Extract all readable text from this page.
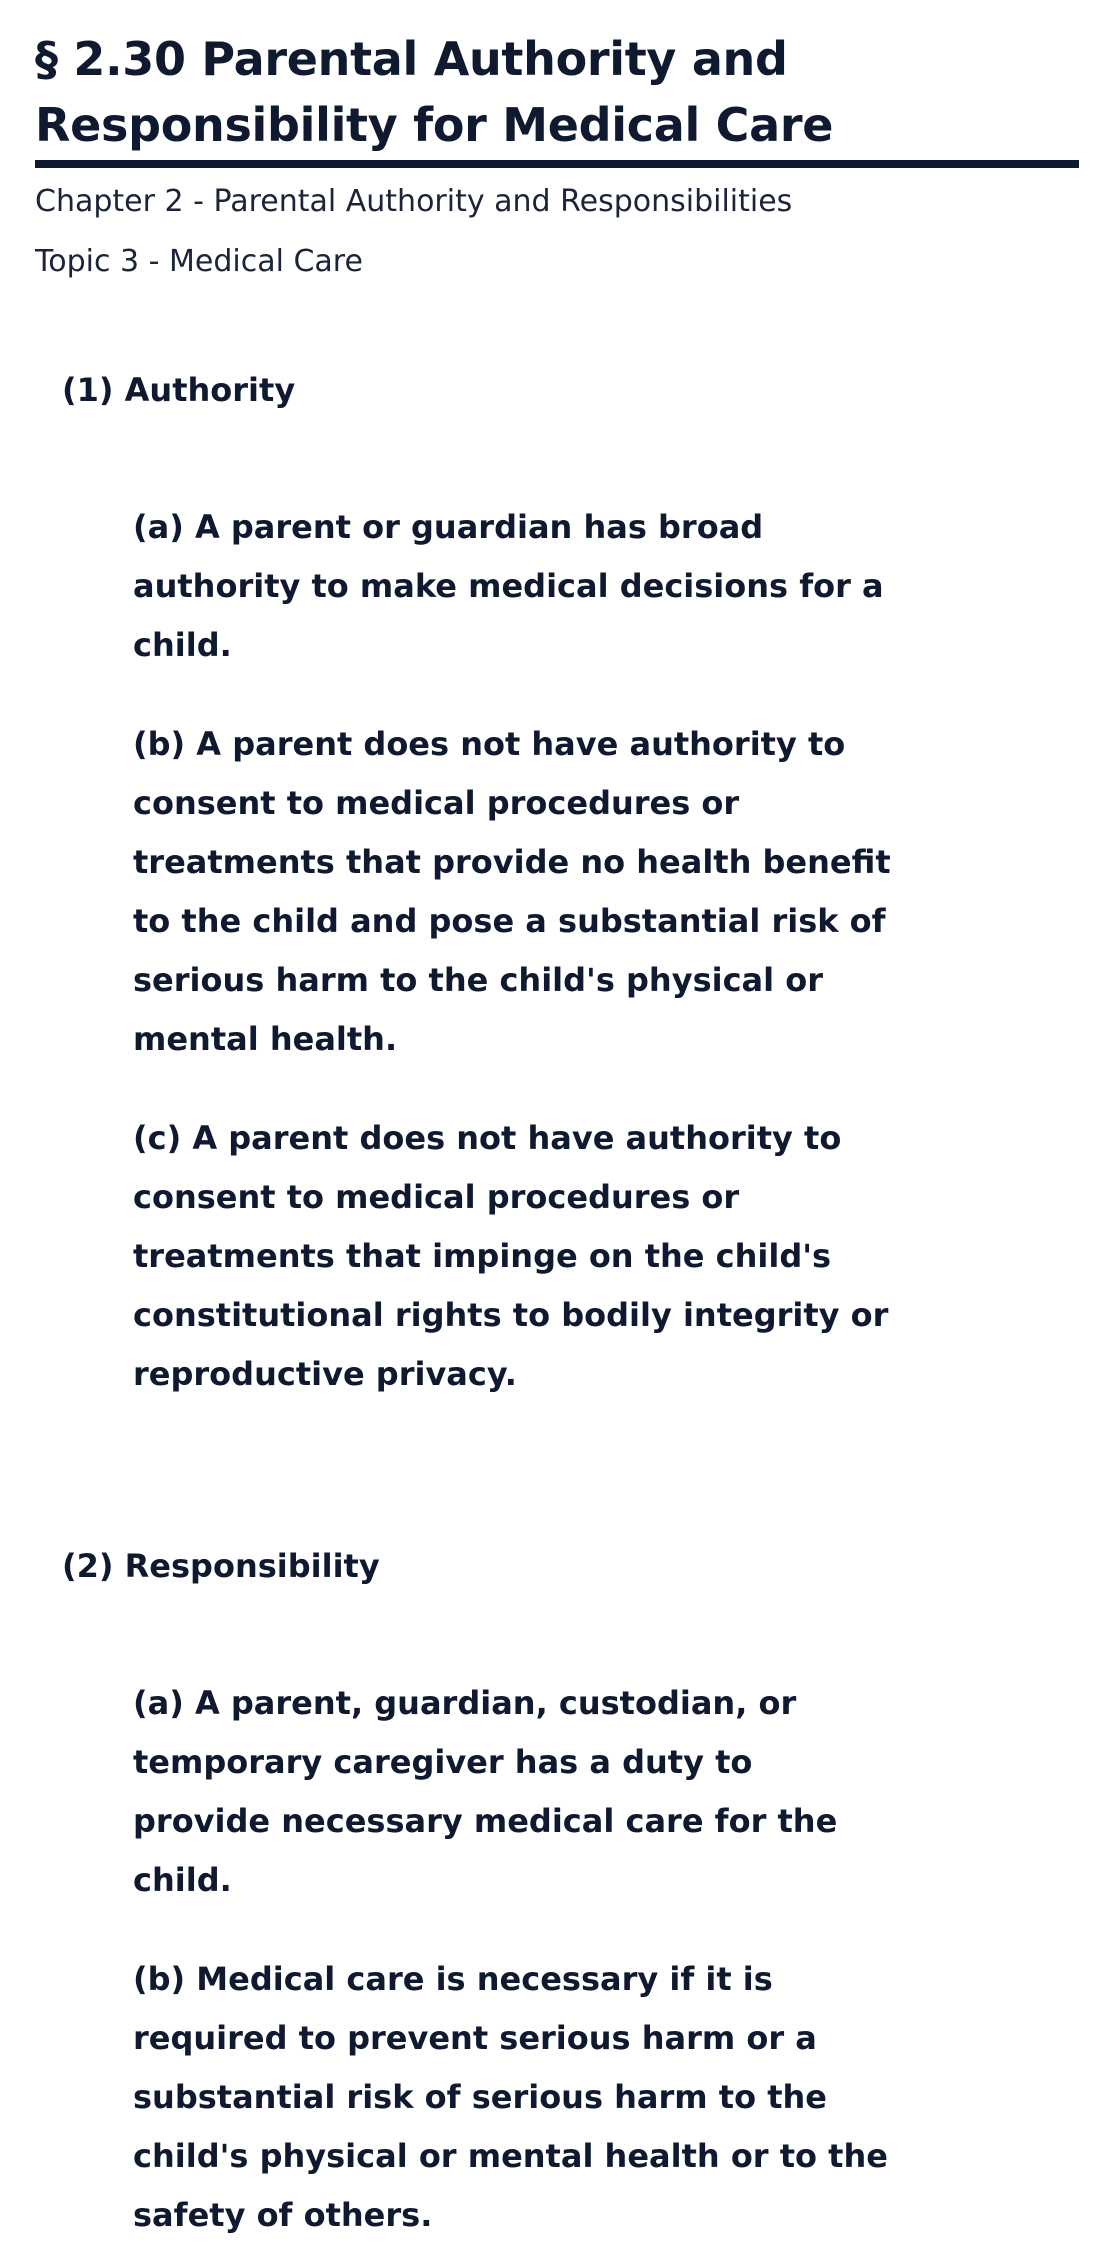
§ 2.30 Parental Authority and Responsibility for Medical Care

Chapter 2 - Parental Authority and Responsibilities

Topic 3 - Medical Care

(1) Authority

(a) A parent or guardian has broad authority to make medical decisions for a child.

(b) A parent does not have authority to consent to medical procedures or treatments that provide no health benefit to the child and pose a substantial risk of serious harm to the child's physical or mental health.

(c) A parent does not have authority to consent to medical procedures or treatments that impinge on the child's constitutional rights to bodily integrity or reproductive privacy.

(2) Responsibility

(a) A parent, guardian, custodian, or temporary caregiver has a duty to provide necessary medical care for the child.

(b) Medical care is necessary if it is required to prevent serious harm or a substantial risk of serious harm to the child's physical or mental health or to the safety of others.
